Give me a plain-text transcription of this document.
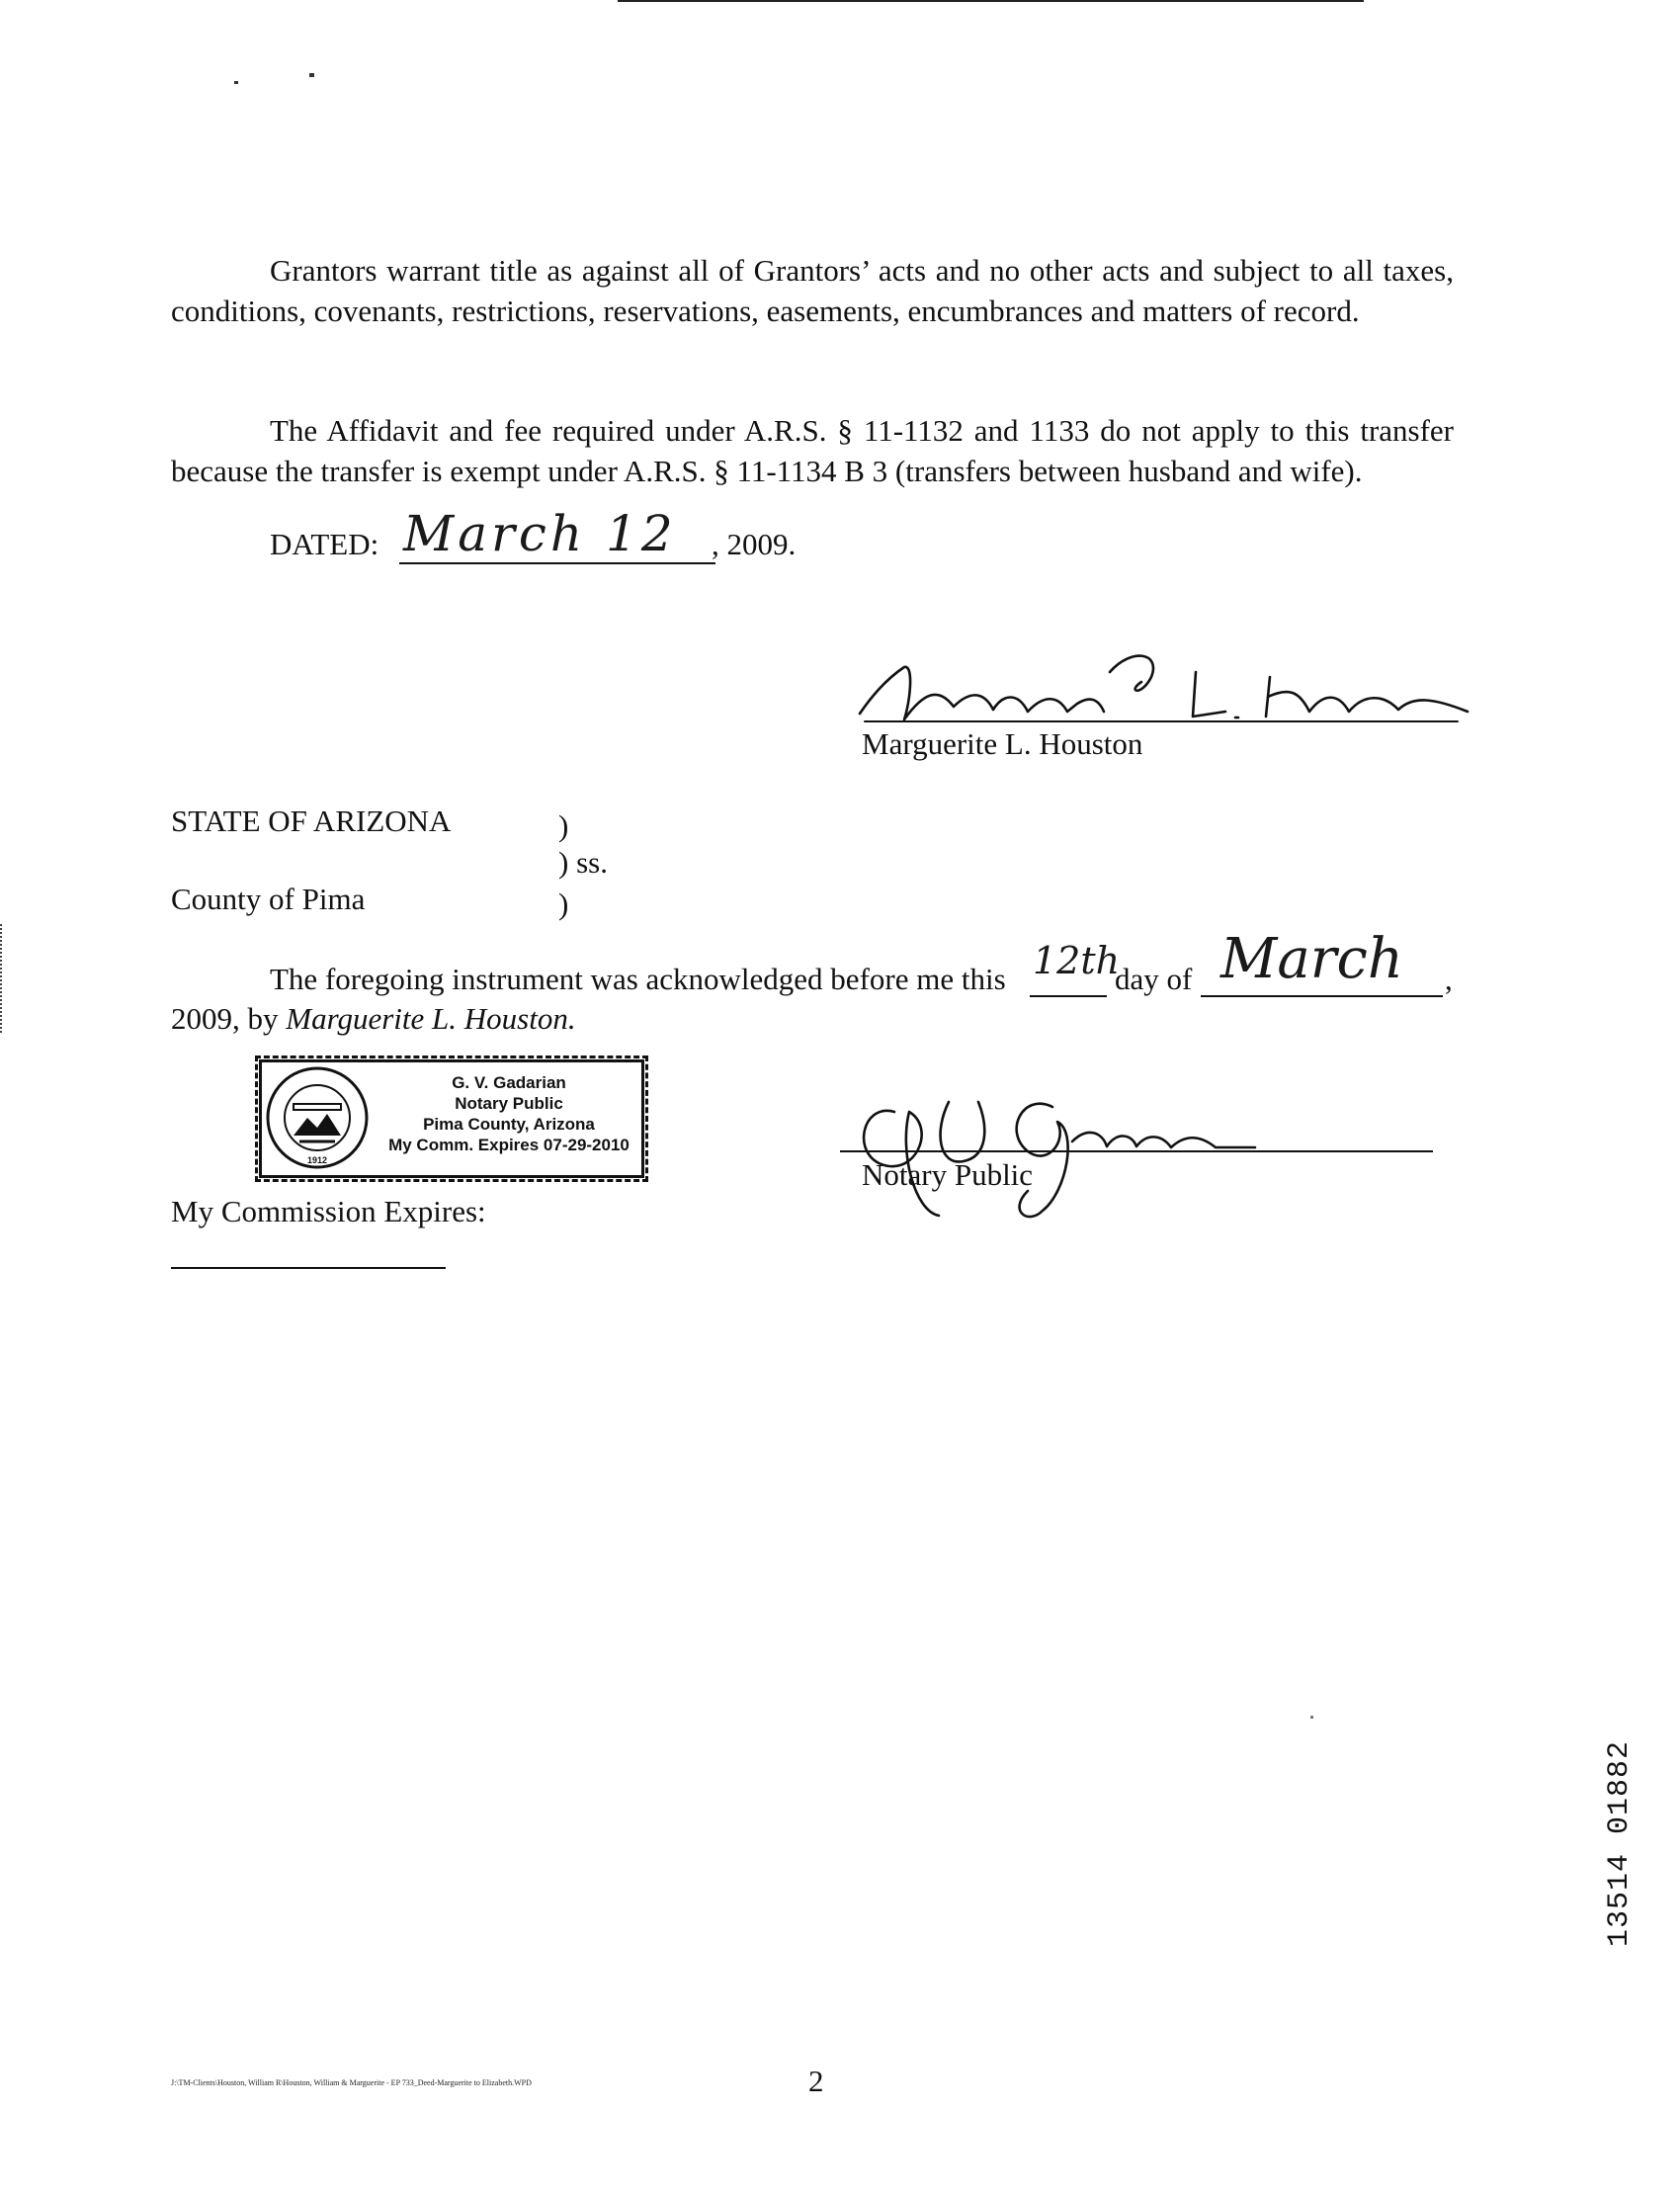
Grantors warrant title as against all of Grantors’ acts and no other acts and subject to all taxes, conditions, covenants, restrictions, reservations, easements, encumbrances and matters of record.
The Affidavit and fee required under A.R.S. § 11-1132 and 1133 do not apply to this transfer because the transfer is exempt under A.R.S. § 11-1134 B 3 (transfers between husband and wife).
DATED: March 12 , 2009.
Marguerite L. Houston
STATE OF ARIZONA	)
) ss.
County of Pima	)
The foregoing instrument was acknowledged before me this 12th
day of March ,
2009, by Marguerite L. Houston.
1912
G. V. Gadarian
Notary Public
Pima County, Arizona
My Comm. Expires 07-29-2010
Notary Public
My Commission Expires:
13514 01882
2
J:\TM-Clients\Houston, William R\Houston, William & Marguerite - EP 733_Deed-Marguerite to Elizabeth.WPD
